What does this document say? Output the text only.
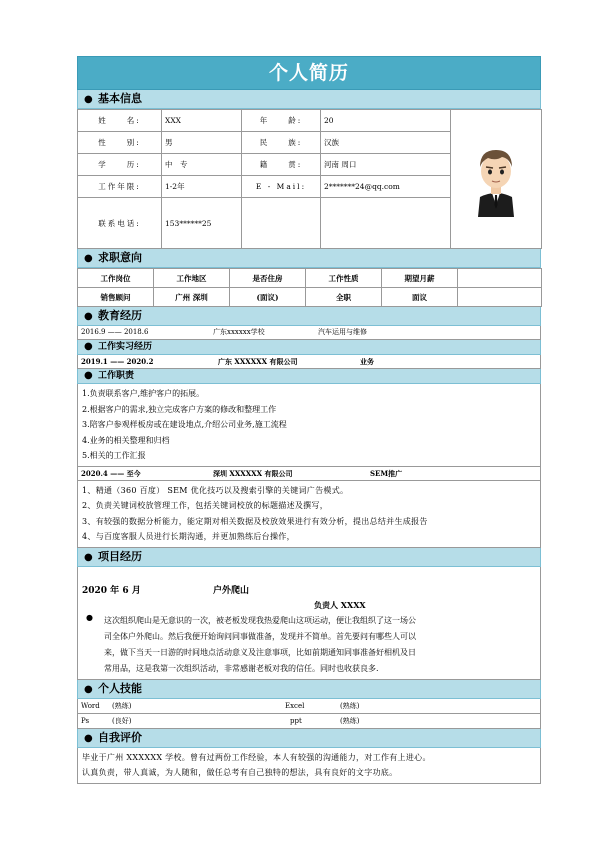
个人简历
● 基本信息
姓　　名:	XXX	年　　龄:	20	

性　　别:	男	民　　族:	汉族	
学　　历:	中　专	籍　　贯:	河南 周口	
工作年限:	1-2年	E - Mail:	2*******24@qq.com	
联系电话:	153******25			
● 求职意向
工作岗位	工作地区	是否住房	工作性质	期望月薪	
销售顾问	广州 深圳	(面议)	全职	面议	
● 教育经历
2016.9 —— 2018.6	广东xxxxxx学校	汽车运用与维修
● 工作实习经历
2019.1 —— 2020.2	广东 XXXXXX 有限公司	业务
● 工作职责
1.负责联系客户,维护客户的拓展。
2.根据客户的需求,独立完成客户方案的修改和整理工作
3.陪客户参观样板房或在建设地点,介绍公司业务,施工流程
4.业务的相关整理和归档
5.相关的工作汇报
2020.4 —— 至今	深圳 XXXXXX 有限公司	SEM推广
1、精通（360 百度） SEM 优化技巧以及搜索引擎的关键词广告模式。
2、负责关键词校放管理工作，包括关键词校放的标题描述及撰写，
3、有较强的数据分析能力，能定期对相关数据及校放效果进行有效分析，提出总结并生成报告
4、与百度客服人员进行长期沟通，并更加熟练后台操作，
● 项目经历
2020 年 6 月	户外爬山
负责人 XXXX
● 这次组织爬山是无意识的一次，被老板发现我热爱爬山这项运动，便让我组织了这一场公
司全体户外爬山。然后我便开始询问同事做准备，发现并不简单。首先要问有哪些人可以
来，做下当天一日游的时间地点活动意义及注意事项，比如前期通知同事准备好相机及日
常用品，这是我第一次组织活动，非常感谢老板对我的信任。同时也收获良多.
● 个人技能
Word (熟练)	Excel	(熟练)
Ps	(良好)	ppt	(熟练)
● 自我评价
毕业于广州 XXXXXX 学校。曾有过两份工作经验，本人有较强的沟通能力，对工作有上进心。
认真负责，带人真诚，为人随和，做任总考有自己独特的想法，具有良好的文字功底。
